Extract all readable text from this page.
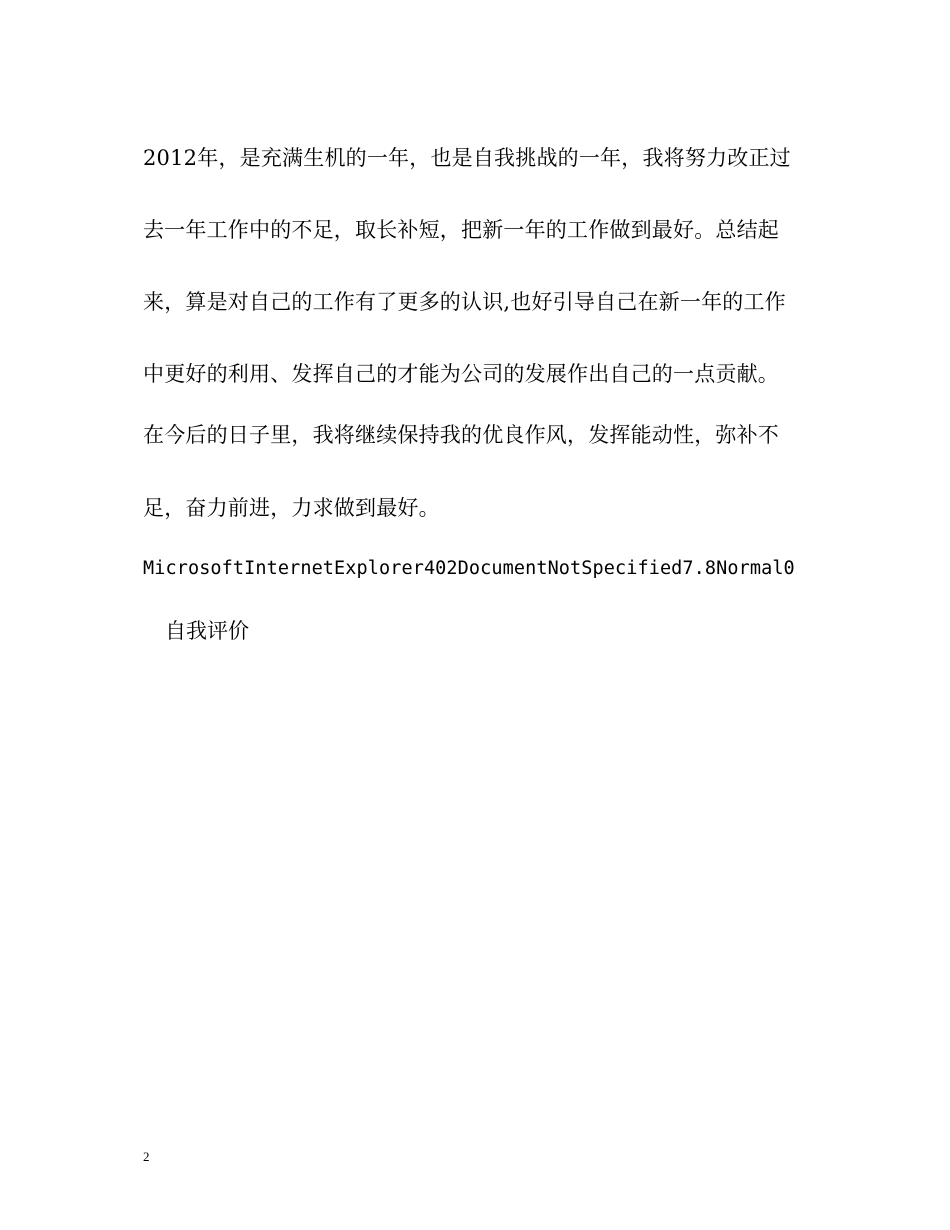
2012年，是充满生机的一年，也是自我挑战的一年，我将努力改正过
去一年工作中的不足，取长补短，把新一年的工作做到最好。总结起
来，算是对自己的工作有了更多的认识,也好引导自己在新一年的工作
中更好的利用、发挥自己的才能为公司的发展作出自己的一点贡献。
在今后的日子里，我将继续保持我的优良作风，发挥能动性，弥补不
足，奋力前进，力求做到最好。
MicrosoftInternetExplorer402DocumentNotSpecified7.8Normal0
自我评价
2
